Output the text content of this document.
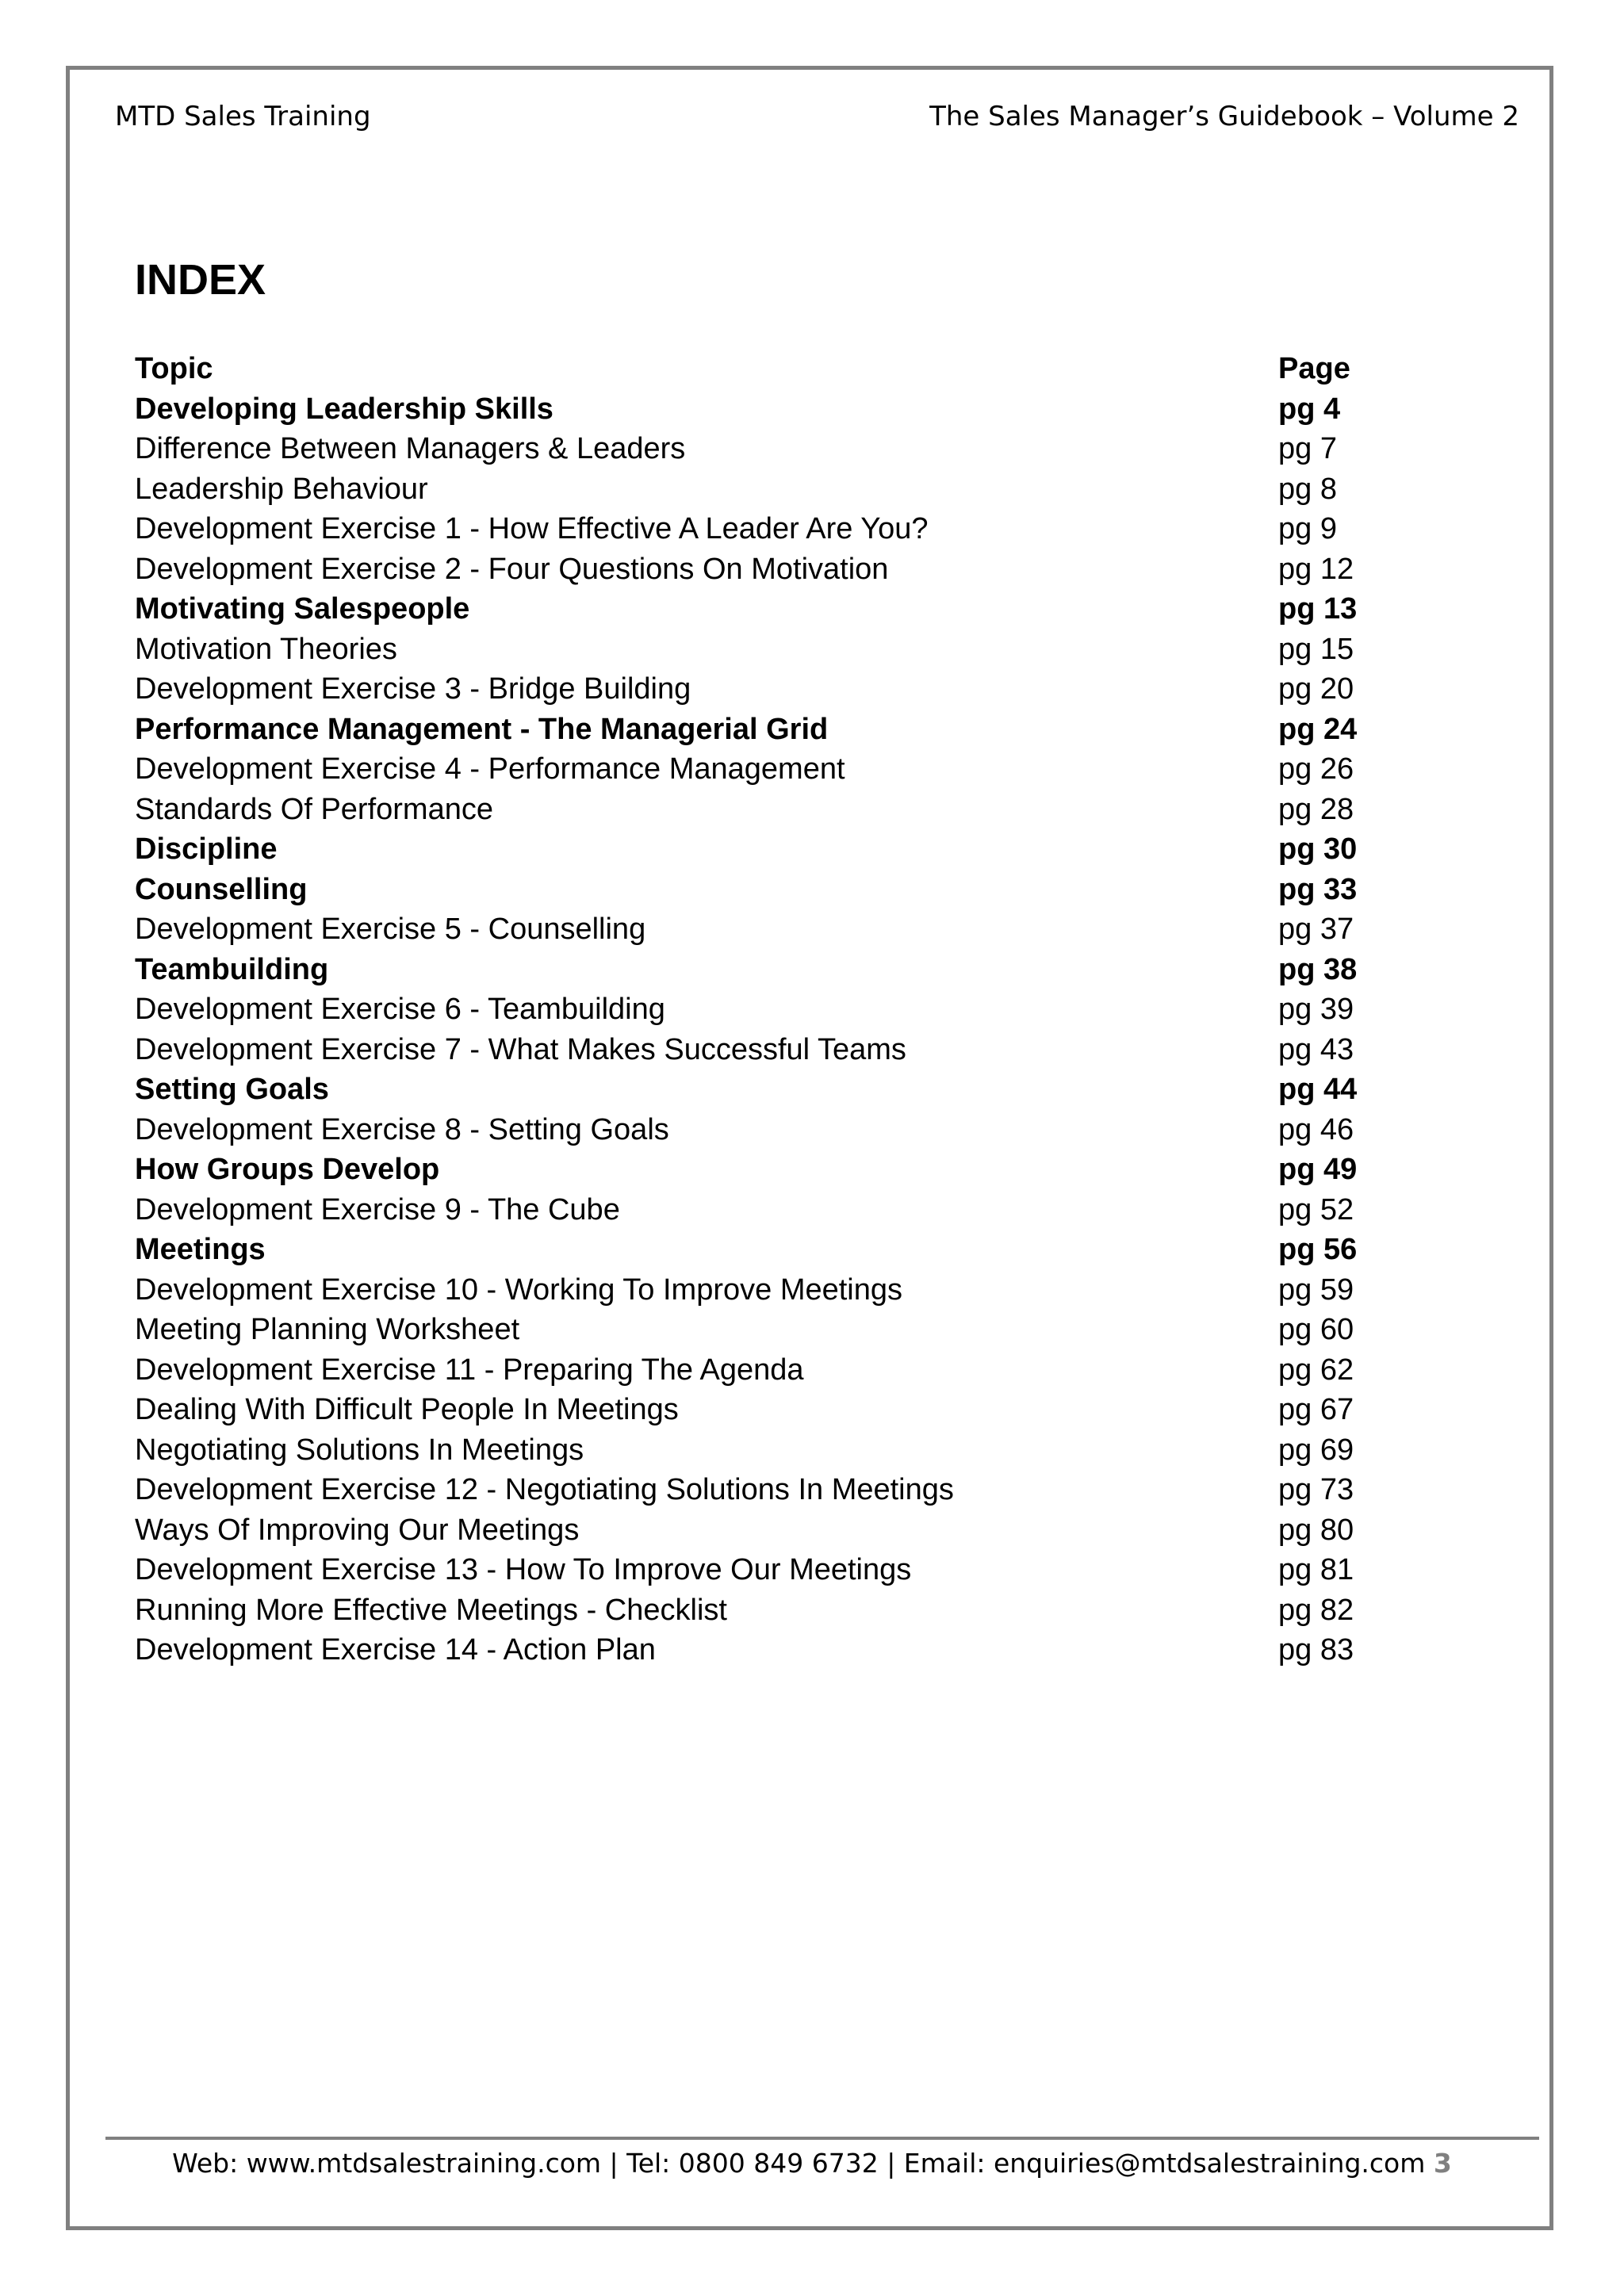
MTD Sales Training	The Sales Manager’s Guidebook – Volume 2
INDEX
Topic	Page
Developing Leadership Skills	pg 4
Difference Between Managers & Leaders	pg 7
Leadership Behaviour	pg 8
Development Exercise 1 - How Effective A Leader Are You?	pg 9
Development Exercise 2 - Four Questions On Motivation	pg 12
Motivating Salespeople	pg 13
Motivation Theories	pg 15
Development Exercise 3 - Bridge Building	pg 20
Performance Management - The Managerial Grid	pg 24
Development Exercise 4 - Performance Management	pg 26
Standards Of Performance	pg 28
Discipline	pg 30
Counselling	pg 33
Development Exercise 5 - Counselling	pg 37
Teambuilding	pg 38
Development Exercise 6 - Teambuilding	pg 39
Development Exercise 7 - What Makes Successful Teams	pg 43
Setting Goals	pg 44
Development Exercise 8 - Setting Goals	pg 46
How Groups Develop	pg 49
Development Exercise 9 - The Cube	pg 52
Meetings	pg 56
Development Exercise 10 - Working To Improve Meetings	pg 59
Meeting Planning Worksheet	pg 60
Development Exercise 11 - Preparing The Agenda	pg 62
Dealing With Difficult People In Meetings	pg 67
Negotiating Solutions In Meetings	pg 69
Development Exercise 12 - Negotiating Solutions In Meetings	pg 73
Ways Of Improving Our Meetings	pg 80
Development Exercise 13 - How To Improve Our Meetings	pg 81
Running More Effective Meetings - Checklist	pg 82
Development Exercise 14 - Action Plan	pg 83
Web: www.mtdsalestraining.com | Tel: 0800 849 6732 | Email: enquiries@mtdsalestraining.com 3
